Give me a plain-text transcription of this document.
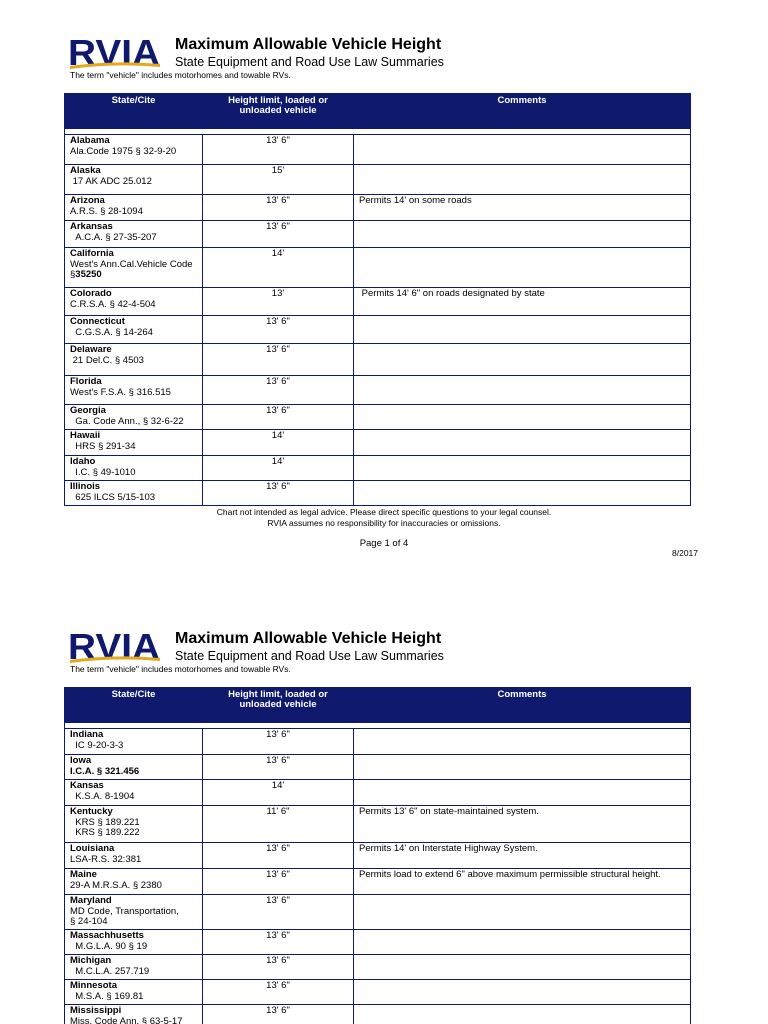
RVIA Maximum Allowable Vehicle Height
State Equipment and Road Use Law Summaries
The term "vehicle" includes motorhomes and towable RVs.
State/Cite	Height limit, loaded or unloaded vehicle	Comments

Alabama
Ala.Code 1975 § 32-9-20	13' 6"	

Alaska
17 AK ADC 25.012	15'	

Arizona
A.R.S. § 28-1094	13' 6"	Permits 14' on some roads

Arkansas
A.C.A. § 27-35-207	13' 6"	

California
West's Ann.Cal.Vehicle Code §35250	14'	

Colorado
C.R.S.A. § 42-4-504	13'	Permits 14' 6" on roads designated by state

Connecticut
C.G.S.A. § 14-264	13' 6"	

Delaware
21 Del.C. § 4503	13' 6"	

Florida
West's F.S.A. § 316.515	13' 6"	

Georgia
Ga. Code Ann., § 32-6-22	13' 6"	

Hawaii
HRS § 291-34	14'	

Idaho
I.C. § 49-1010	14'	

Illinois
625 ILCS 5/15-103	13' 6"	
Chart not intended as legal advice. Please direct specific questions to your legal counsel.
RVIA assumes no responsibility for inaccuracies or omissions.
Page 1 of 4
8/2017
RVIA Maximum Allowable Vehicle Height
State Equipment and Road Use Law Summaries
The term "vehicle" includes motorhomes and towable RVs.
State/Cite	Height limit, loaded or unloaded vehicle	Comments

Indiana
IC 9-20-3-3	13' 6"	

Iowa
I.C.A. § 321.456	13' 6"	

Kansas
K.S.A. 8-1904	14'	

Kentucky
KRS § 189.221
KRS § 189.222	11' 6"	Permits 13' 6" on state-maintained system.

Louisiana
LSA-R.S. 32:381	13' 6"	Permits 14' on Interstate Highway System.

Maine
29-A M.R.S.A. § 2380	13' 6"	Permits load to extend 6" above maximum permissible structural height.

Maryland
MD Code, Transportation,
§ 24-104	13' 6"	

Massachhusetts
M.G.L.A. 90 § 19	13' 6"	

Michigan
M.C.L.A. 257.719	13' 6"	

Minnesota
M.S.A. § 169.81	13' 6"	

Mississippi
Miss. Code Ann. § 63-5-17	13' 6"	
